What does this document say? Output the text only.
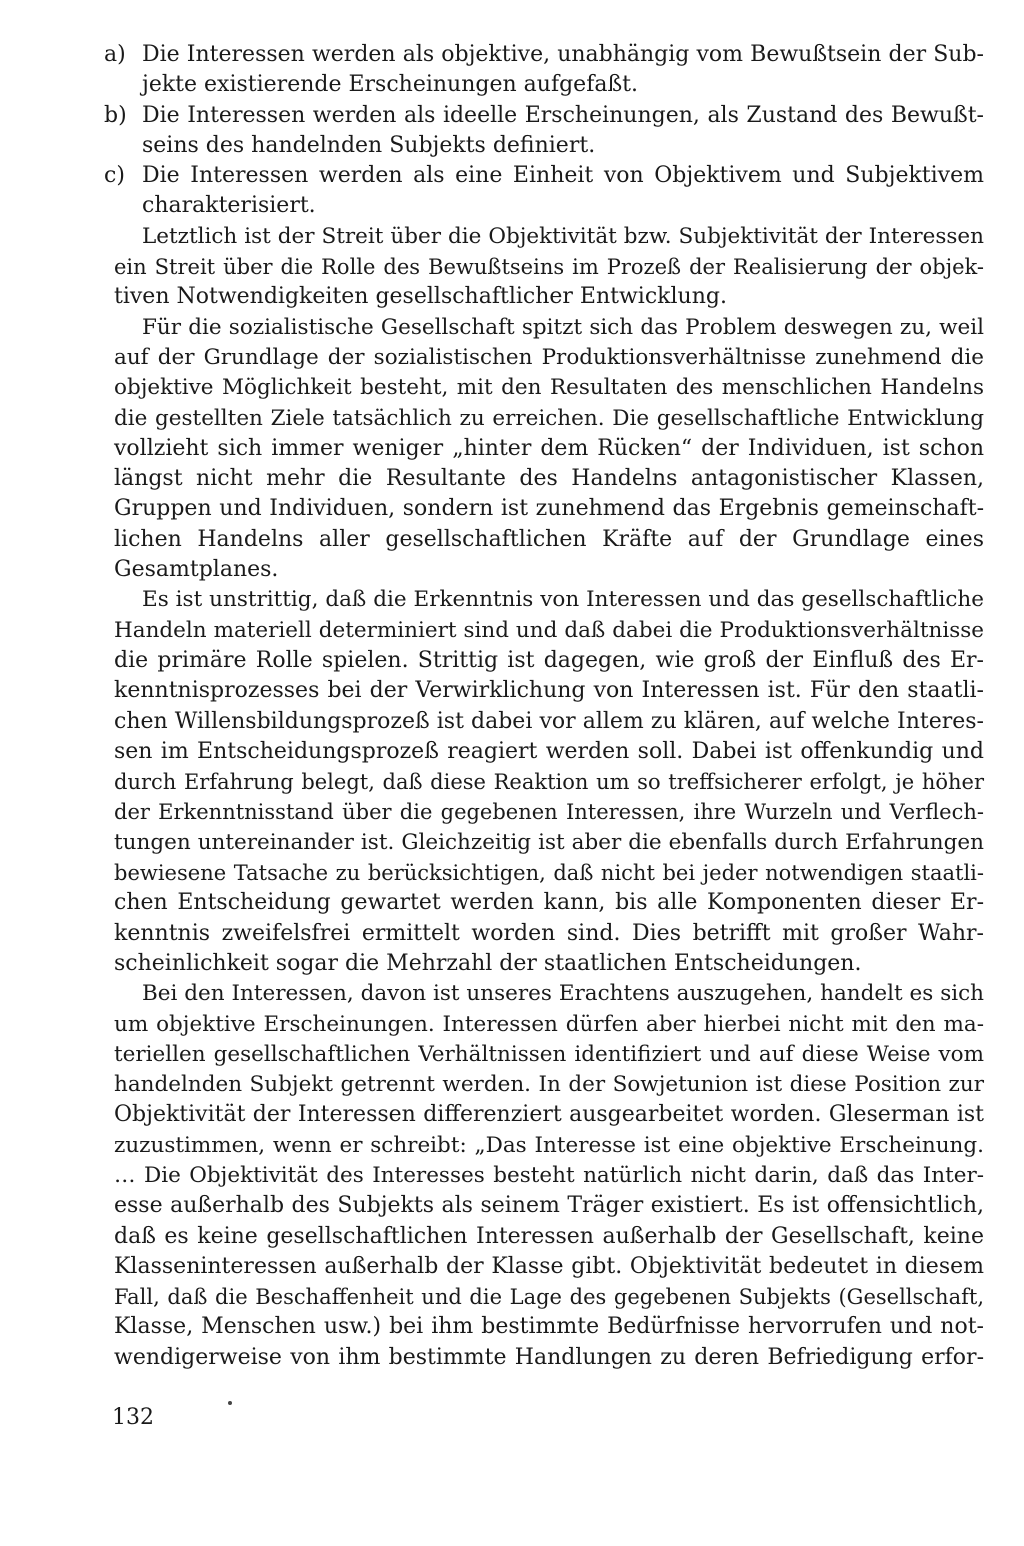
a) Die Interessen werden als objektive, unabhängig vom Bewußtsein der Sub-
jekte existierende Erscheinungen aufgefaßt.
b) Die Interessen werden als ideelle Erscheinungen, als Zustand des Bewußt-
seins des handelnden Subjekts definiert.
c) Die Interessen werden als eine Einheit von Objektivem und Subjektivem
charakterisiert.
Letztlich ist der Streit über die Objektivität bzw. Subjektivität der Interessen
ein Streit über die Rolle des Bewußtseins im Prozeß der Realisierung der objek-
tiven Notwendigkeiten gesellschaftlicher Entwicklung.
Für die sozialistische Gesellschaft spitzt sich das Problem deswegen zu, weil
auf der Grundlage der sozialistischen Produktionsverhältnisse zunehmend die
objektive Möglichkeit besteht, mit den Resultaten des menschlichen Handelns
die gestellten Ziele tatsächlich zu erreichen. Die gesellschaftliche Entwicklung
vollzieht sich immer weniger „hinter dem Rücken“ der Individuen, ist schon
längst nicht mehr die Resultante des Handelns antagonistischer Klassen,
Gruppen und Individuen, sondern ist zunehmend das Ergebnis gemeinschaft-
lichen Handelns aller gesellschaftlichen Kräfte auf der Grundlage eines
Gesamtplanes.
Es ist unstrittig, daß die Erkenntnis von Interessen und das gesellschaftliche
Handeln materiell determiniert sind und daß dabei die Produktionsverhältnisse
die primäre Rolle spielen. Strittig ist dagegen, wie groß der Einfluß des Er-
kenntnisprozesses bei der Verwirklichung von Interessen ist. Für den staatli-
chen Willensbildungsprozeß ist dabei vor allem zu klären, auf welche Interes-
sen im Entscheidungsprozeß reagiert werden soll. Dabei ist offenkundig und
durch Erfahrung belegt, daß diese Reaktion um so treffsicherer erfolgt, je höher
der Erkenntnisstand über die gegebenen Interessen, ihre Wurzeln und Verflech-
tungen untereinander ist. Gleichzeitig ist aber die ebenfalls durch Erfahrungen
bewiesene Tatsache zu berücksichtigen, daß nicht bei jeder notwendigen staatli-
chen Entscheidung gewartet werden kann, bis alle Komponenten dieser Er-
kenntnis zweifelsfrei ermittelt worden sind. Dies betrifft mit großer Wahr-
scheinlichkeit sogar die Mehrzahl der staatlichen Entscheidungen.
Bei den Interessen, davon ist unseres Erachtens auszugehen, handelt es sich
um objektive Erscheinungen. Interessen dürfen aber hierbei nicht mit den ma-
teriellen gesellschaftlichen Verhältnissen identifiziert und auf diese Weise vom
handelnden Subjekt getrennt werden. In der Sowjetunion ist diese Position zur
Objektivität der Interessen differenziert ausgearbeitet worden. Gleserman ist
zuzustimmen, wenn er schreibt: „Das Interesse ist eine objektive Erscheinung.
… Die Objektivität des Interesses besteht natürlich nicht darin, daß das Inter-
esse außerhalb des Subjekts als seinem Träger existiert. Es ist offensichtlich,
daß es keine gesellschaftlichen Interessen außerhalb der Gesellschaft, keine
Klasseninteressen außerhalb der Klasse gibt. Objektivität bedeutet in diesem
Fall, daß die Beschaffenheit und die Lage des gegebenen Subjekts (Gesellschaft,
Klasse, Menschen usw.) bei ihm bestimmte Bedürfnisse hervorrufen und not-
wendigerweise von ihm bestimmte Handlungen zu deren Befriedigung erfor-
132
